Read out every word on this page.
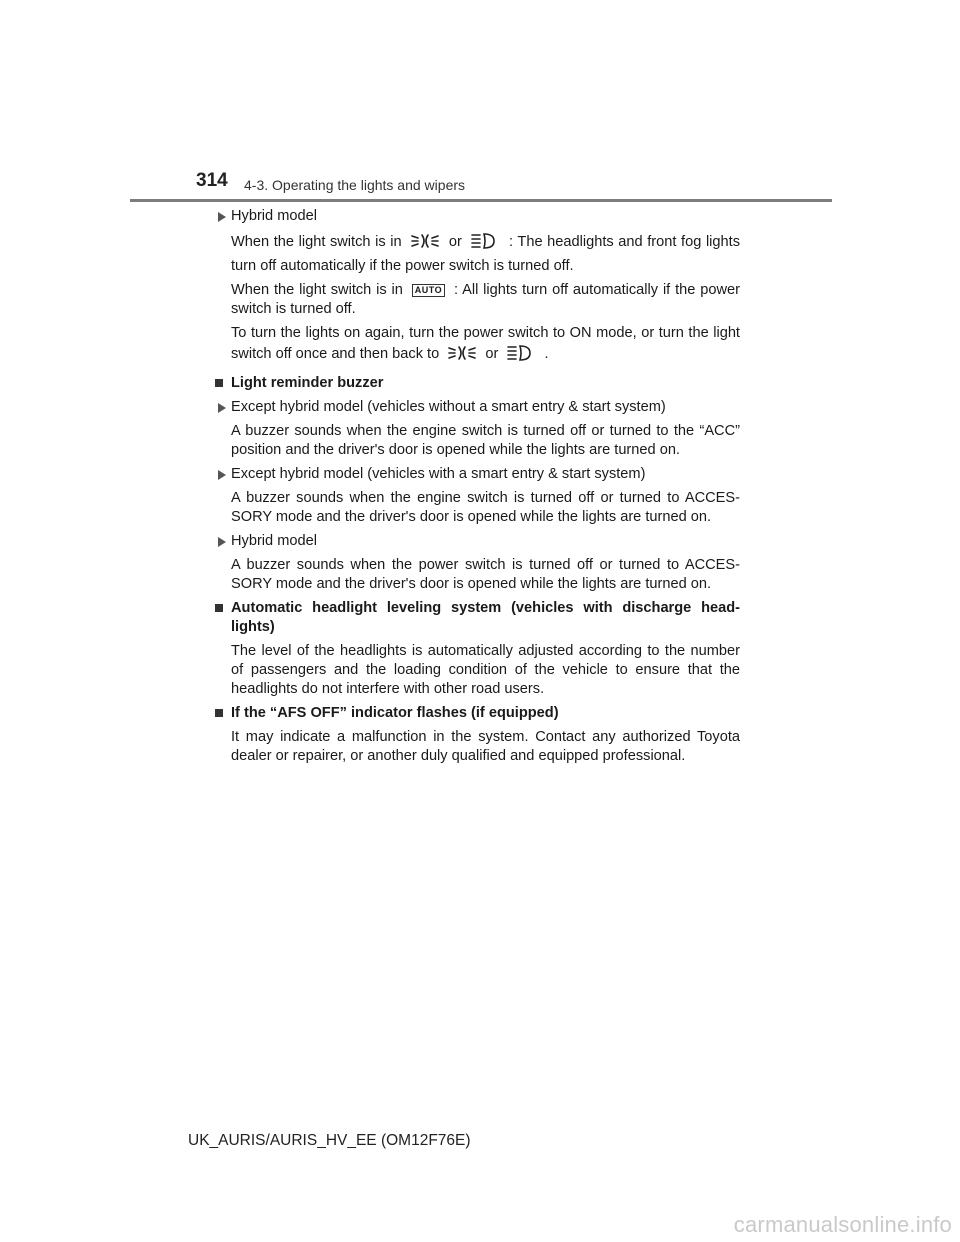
314 4-3. Operating the lights and wipers
Hybrid model
When the light switch is in	or	: The headlights and front fog lights turn off automatically if the power switch is turned off.
When the light switch is in AUTO : All lights turn off automatically if the power switch is turned off.
To turn the lights on again, turn the power switch to ON mode, or turn the light switch off once and then back to	or	.
Light reminder buzzer
Except hybrid model (vehicles without a smart entry & start system)
A buzzer sounds when the engine switch is turned off or turned to the “ACC” position and the driver's door is opened while the lights are turned on.
Except hybrid model (vehicles with a smart entry & start system)
A buzzer sounds when the engine switch is turned off or turned to ACCES-SORY mode and the driver's door is opened while the lights are turned on.
Hybrid model
A buzzer sounds when the power switch is turned off or turned to ACCES-SORY mode and the driver's door is opened while the lights are turned on.
Automatic headlight leveling system (vehicles with discharge head-lights)
The level of the headlights is automatically adjusted according to the number of passengers and the loading condition of the vehicle to ensure that the headlights do not interfere with other road users.
If the “AFS OFF” indicator flashes (if equipped)
It may indicate a malfunction in the system. Contact any authorized Toyota dealer or repairer, or another duly qualified and equipped professional.
UK_AURIS/AURIS_HV_EE (OM12F76E)
carmanualsonline.info
